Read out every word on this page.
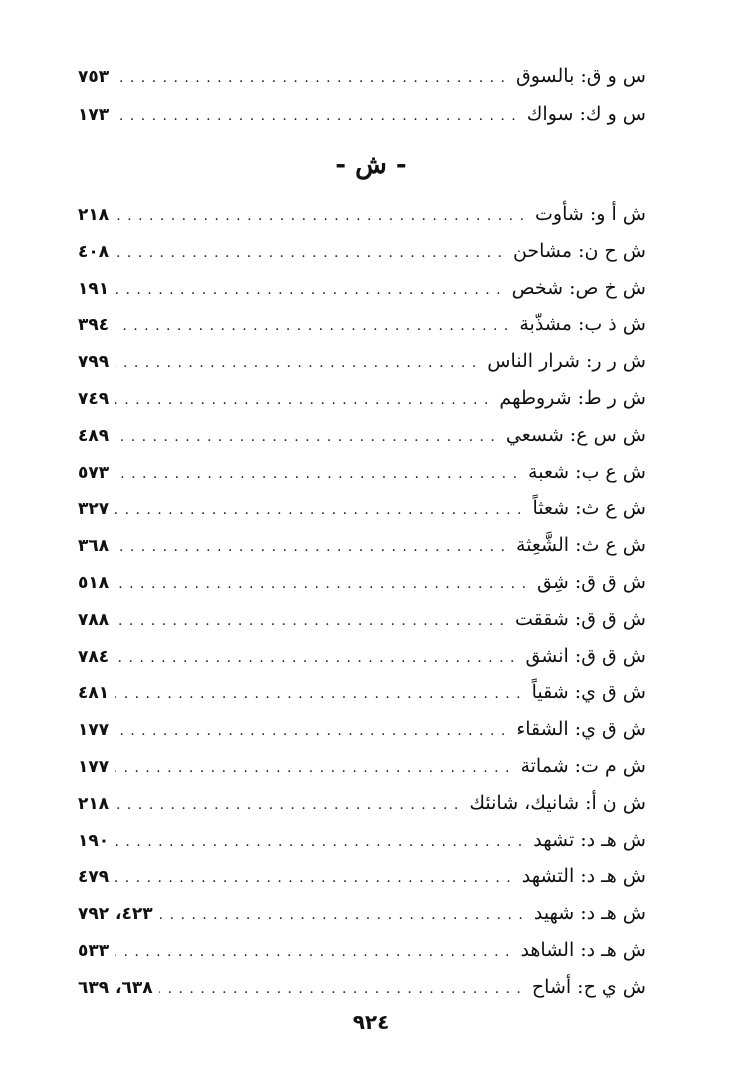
س و ق: بالسوق
. . .
٧٥٣
س و ك: سواك
. . .
١٧٣
- ش -
ش أ و: شأوت
. . .
٢١٨
ش ح ن: مشاحن
. . .
٤٠٨
ش خ ص: شخص
. . .
١٩١
ش ذ ب: مشذّبة
. . .
٣٩٤
ش ر ر: شرار الناس
. . .
٧٩٩
ش ر ط: شروطهم
. . .
٧٤٩
ش س ع: شسعي
. . .
٤٨٩
ش ع ب: شعبة
. . .
٥٧٣
ش ع ث: شعثاً
. . .
٣٢٧
ش ع ث: الشَّعِثة
. . .
٣٦٨
ش ق ق: شِق
. . .
٥١٨
ش ق ق: شققت
. . .
٧٨٨
ش ق ق: انشق
. . .
٧٨٤
ش ق ي: شقياً
. . .
٤٨١
ش ق ي: الشقاء
. . .
١٧٧
ش م ت: شماتة
. . .
١٧٧
ش ن أ: شانيك، شانئك
. . .
٢١٨
ش هـ د: تشهد
. . .
١٩٠
ش هـ د: التشهد
. . .
٤٧٩
ش هـ د: شهيد
. . .
٤٢٣، ٧٩٢
ش هـ د: الشاهد
. . .
٥٣٣
ش ي ح: أشاح
. . .
٦٣٨، ٦٣٩
٩٢٤
